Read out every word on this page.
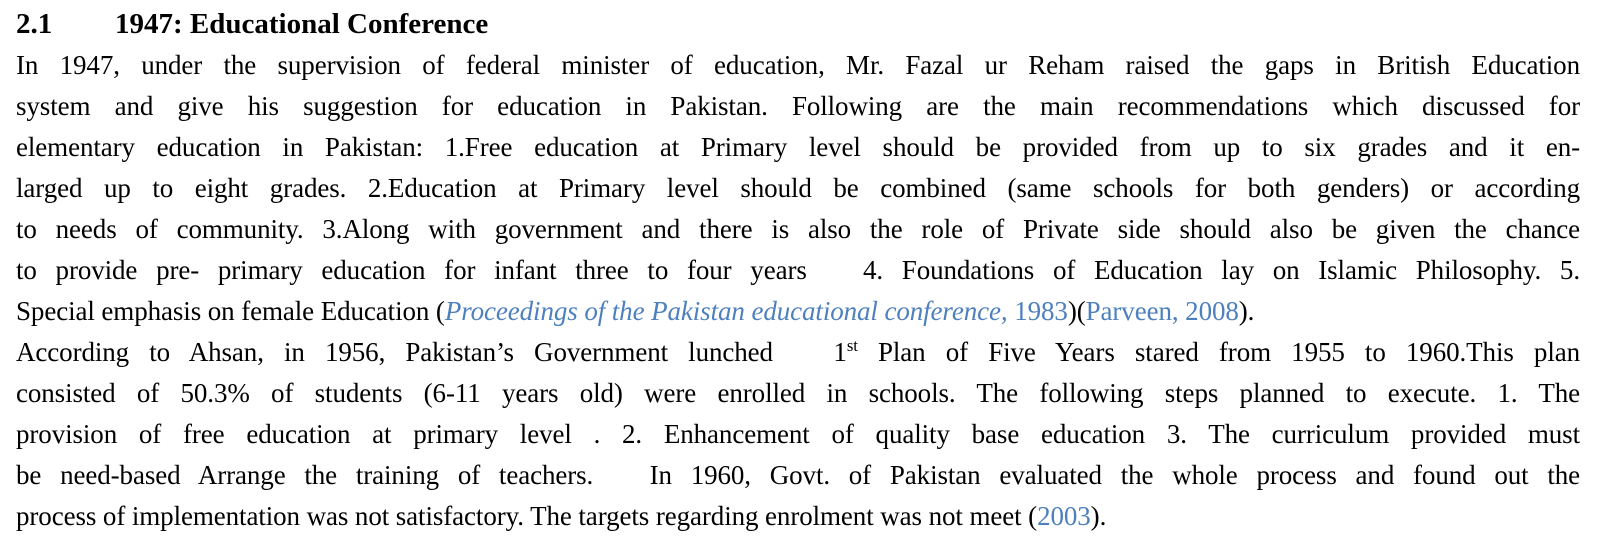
2.1 1947: Educational Conference
In 1947, under the supervision of federal minister of education, Mr. Fazal ur Reham raised the gaps in British Education
system and give his suggestion for education in Pakistan. Following are the main recommendations which discussed for
elementary education in Pakistan: 1.Free education at Primary level should be provided from up to six grades and it en-
larged up to eight grades. 2.Education at Primary level should be combined (same schools for both genders) or according
to needs of community. 3.Along with government and there is also the role of Private side should also be given the chance
to provide pre- primary education for infant three to four years   4. Foundations of Education lay on Islamic Philosophy. 5.
Special emphasis on female Education (Proceedings of the Pakistan educational conference, 1983)(Parveen, 2008).
According to Ahsan, in 1956, Pakistan’s Government lunched   1st Plan of Five Years stared from 1955 to 1960.This plan
consisted of 50.3% of students (6-11 years old) were enrolled in schools. The following steps planned to execute. 1. The
provision of free education at primary level . 2. Enhancement of quality base education 3. The curriculum provided must
be need-based Arrange the training of teachers.   In 1960, Govt. of Pakistan evaluated the whole process and found out the
process of implementation was not satisfactory. The targets regarding enrolment was not meet (2003).
